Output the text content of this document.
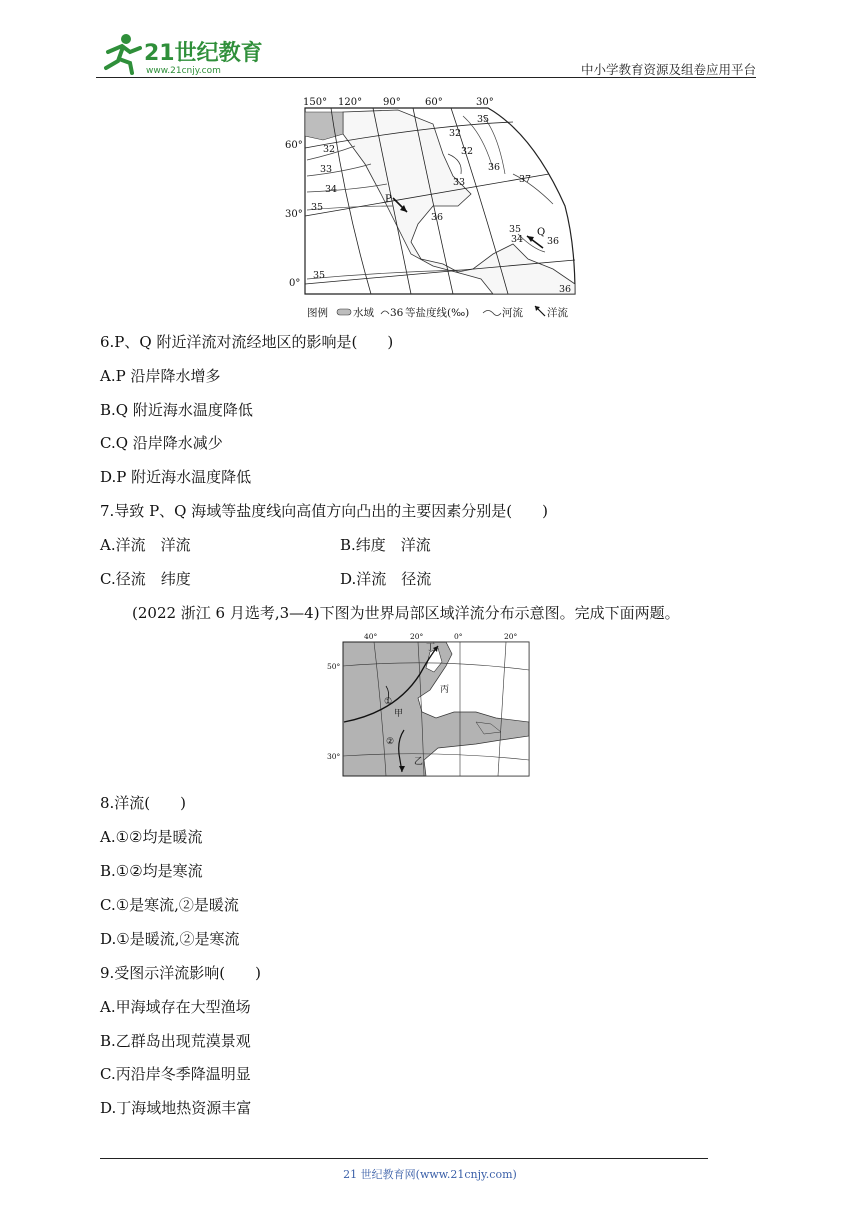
21世纪教育
www.21cnjy.com	中小学教育资源及组卷应用平台
150° 120° 90° 60°	30°
60°
30°
0°
32
33
34
35
32
33
32
35
36
37
36
35
34	36
35
36
P
Q
图例 水域 36 等盐度线(‰)	河流 洋流
6.P、Q 附近洋流对流经地区的影响是(　　)
A.P 沿岸降水增多
B.Q 附近海水温度降低
C.Q 沿岸降水减少
D.P 附近海水温度降低
7.导致 P、Q 海域等盐度线向高值方向凸出的主要因素分别是(　　)
A.洋流　洋流	B.纬度　洋流
C.径流　纬度	D.洋流　径流
(2022 浙江 6 月选考,3—4)下图为世界局部区域洋流分布示意图。完成下面两题。
40°	20°	0°	20°
50°
30°
丁
丙
甲
乙
①
②
8.洋流(　　)
A.①②均是暖流
B.①②均是寒流
C.①是寒流,②是暖流
D.①是暖流,②是寒流
9.受图示洋流影响(　　)
A.甲海域存在大型渔场
B.乙群岛出现荒漠景观
C.丙沿岸冬季降温明显
D.丁海域地热资源丰富
21 世纪教育网(www.21cnjy.com)
